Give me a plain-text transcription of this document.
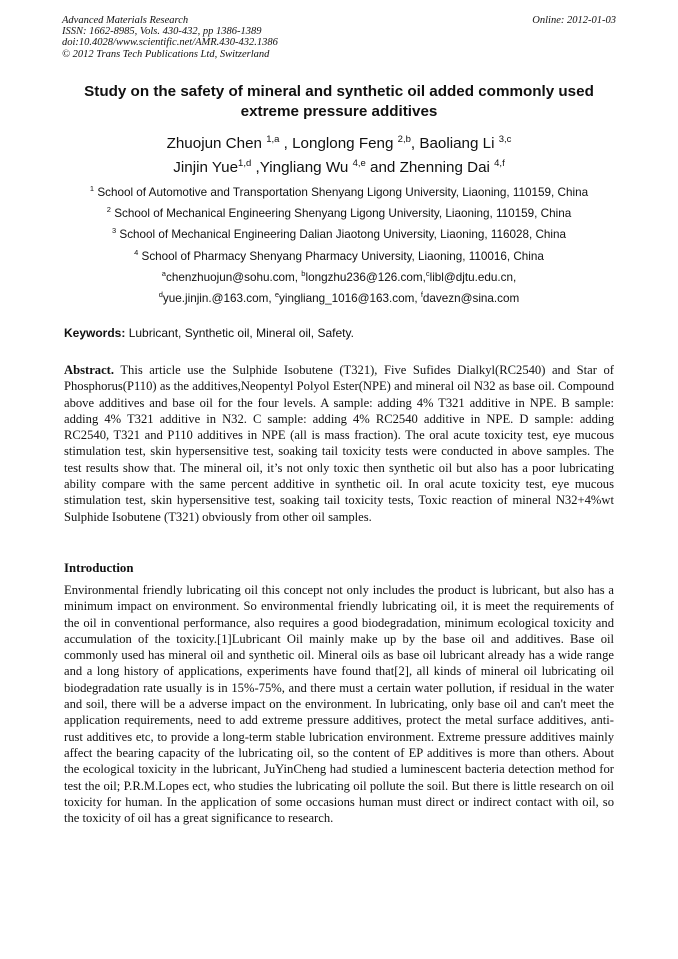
Advanced Materials Research
ISSN: 1662-8985, Vols. 430-432, pp 1386-1389
doi:10.4028/www.scientific.net/AMR.430-432.1386
© 2012 Trans Tech Publications Ltd, Switzerland
Online: 2012-01-03
Study on the safety of mineral and synthetic oil added commonly used extreme pressure additives
Zhuojun Chen $^{1,a}$ , Longlong Feng $^{2,b}$, Baoliang Li $^{3,c}$
Jinjin Yue$^{1,d}$ ,Yingliang Wu $^{4,e}$ and Zhenning Dai $^{4,f}$
$^1$ School of Automotive and Transportation Shenyang Ligong University, Liaoning, 110159, China
$^2$ School of Mechanical Engineering Shenyang Ligong University, Liaoning, 110159, China
$^3$ School of Mechanical Engineering Dalian Jiaotong University, Liaoning, 116028, China
$^4$ School of Pharmacy Shenyang Pharmacy University, Liaoning, 110016, China
$^a$chenzhuojun@sohu.com, $^b$longzhu236@126.com,$^c$libl@djtu.edu.cn,
$^d$yue.jinjin.@163.com, $^e$yingliang_1016@163.com, $^f$davezn@sina.com
Keywords: Lubricant, Synthetic oil, Mineral oil, Safety.

Abstract. This article use the Sulphide Isobutene (T321), Five Sufides Dialkyl(RC2540) and Star of Phosphorus(P110) as the additives,Neopentyl Polyol Ester(NPE) and mineral oil N32 as base oil. Compound above additives and base oil for the four levels. A sample: adding 4% T321 additive in NPE. B sample: adding 4% T321 additive in N32. C sample: adding 4% RC2540 additive in NPE. D sample: adding RC2540, T321 and P110 additives in NPE (all is mass fraction). The oral acute toxicity test, eye mucous stimulation test, skin hypersensitive test, soaking tail toxicity tests were conducted in above samples. The test results show that. The mineral oil, it’s not only toxic then synthetic oil but also has a poor lubricating ability compare with the same percent additive in synthetic oil. In oral acute toxicity test, eye mucous stimulation test, skin hypersensitive test, soaking tail toxicity tests, Toxic reaction of mineral N32+4%wt Sulphide Isobutene (T321) obviously from other oil samples.

Introduction

Environmental friendly lubricating oil this concept not only includes the product is lubricant, but also has a minimum impact on environment. So environmental friendly lubricating oil, it is meet the requirements of the oil in conventional performance, also requires a good biodegradation, minimum ecological toxicity and accumulation of the toxicity.[1]Lubricant Oil mainly make up by the base oil and additives. Base oil commonly used has mineral oil and synthetic oil. Mineral oils as base oil lubricant already has a wide range and a long history of applications, experiments have found that[2], all kinds of mineral oil lubricating oil biodegradation rate usually is in 15%-75%, and there must a certain water pollution, if residual in the water and soil, there will be a adverse impact on the environment. In lubricating, only base oil and can't meet the application requirements, need to add extreme pressure additives, protect the metal surface additives, anti-rust additives etc, to provide a long-term stable lubrication environment. Extreme pressure additives mainly affect the bearing capacity of the lubricating oil, so the content of EP additives is more than others. About the ecological toxicity in the lubricant, JuYinCheng had studied a luminescent bacteria detection method for test the oil; P.R.M.Lopes ect, who studies the lubricating oil pollute the soil. But there is little research on oil toxicity for human. In the application of some occasions human must direct or indirect contact with oil, so the toxicity of oil has a great significance to research.
